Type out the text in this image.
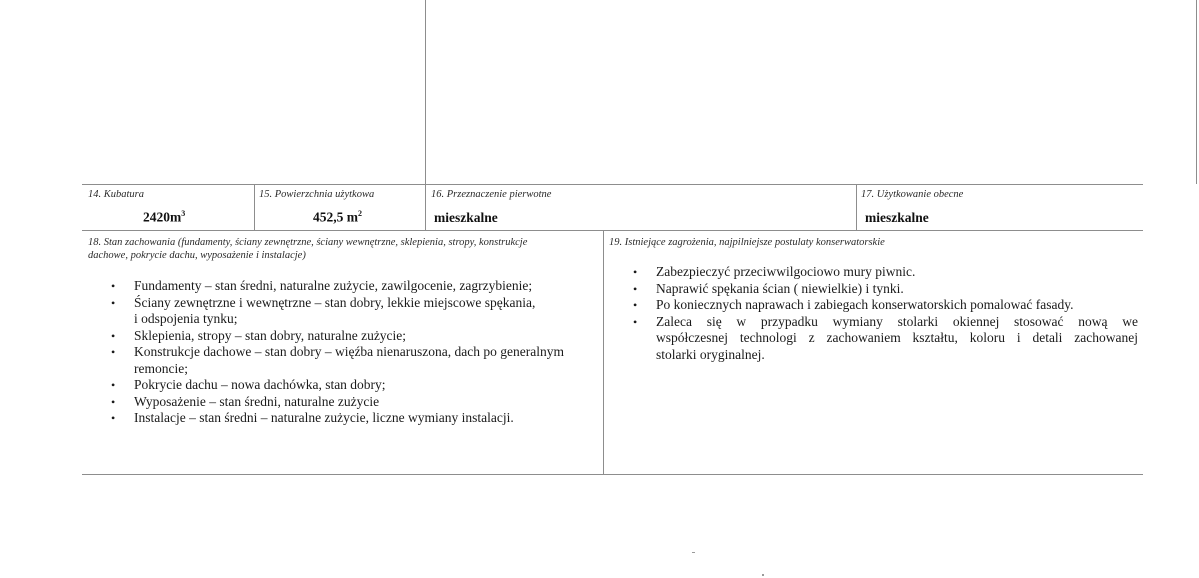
14. Kubatura
$2420m^3$
15. Powierzchnia użytkowa
452,5 $m^2$
16. Przeznaczenie pierwotne
mieszkalne
17. Użytkowanie obecne
mieszkalne
18. Stan zachowania (fundamenty, ściany zewnętrzne, ściany wewnętrzne, sklepienia, stropy, konstrukcje
dachowe, pokrycie dachu, wyposażenie i instalacje)
• Fundamenty – stan średni, naturalne zużycie, zawilgocenie, zagrzybienie;
• Ściany zewnętrzne i wewnętrzne – stan dobry, lekkie miejscowe spękania,
i odspojenia tynku;
• Sklepienia, stropy – stan dobry, naturalne zużycie;
• Konstrukcje dachowe – stan dobry – więźba nienaruszona, dach po generalnym
remoncie;
• Pokrycie dachu – nowa dachówka, stan dobry;
• Wyposażenie – stan średni, naturalne zużycie
• Instalacje – stan średni – naturalne zużycie, liczne wymiany instalacji.
19. Istniejące zagrożenia, najpilniejsze postulaty konserwatorskie
• Zabezpieczyć przeciwwilgociowo mury piwnic.
• Naprawić spękania ścian ( niewielkie) i tynki.
• Po koniecznych naprawach i zabiegach konserwatorskich pomalować fasady.
• Zaleca się w przypadku wymiany stolarki okiennej stosować nową we
współczesnej technologi z zachowaniem kształtu, koloru i detali zachowanej
stolarki oryginalnej.
